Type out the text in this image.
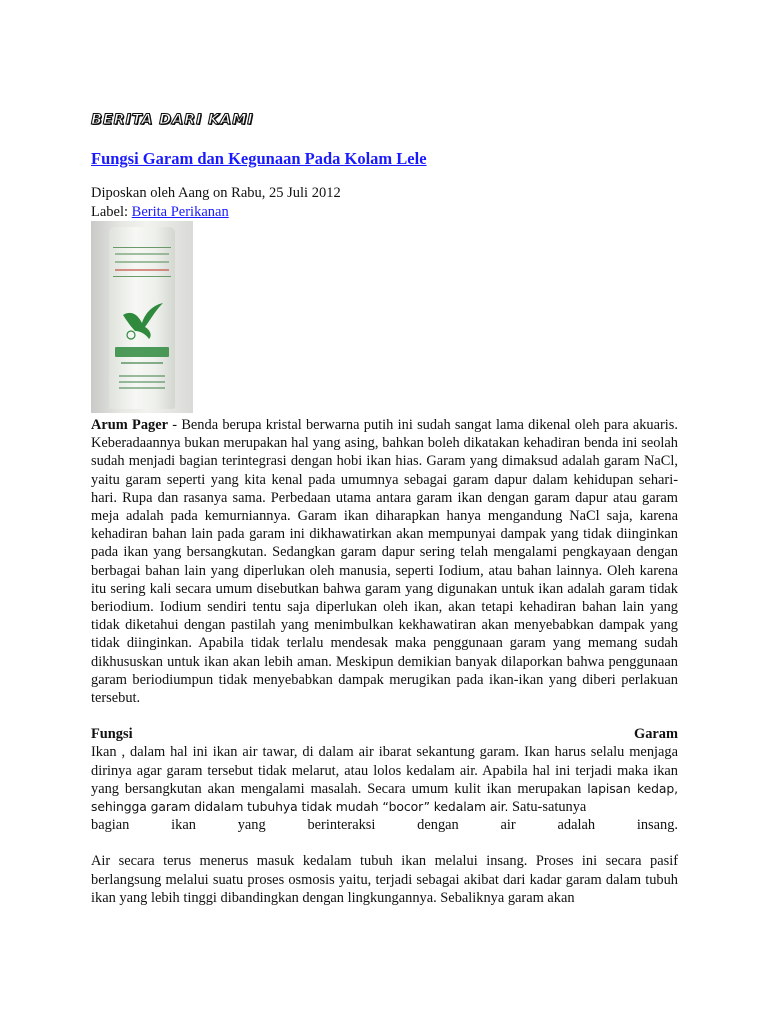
BERITA DARI KAMI
Fungsi Garam dan Kegunaan Pada Kolam Lele
Diposkan oleh Aang on Rabu, 25 Juli 2012
Label: Berita Perikanan

Arum Pager - Benda berupa kristal berwarna putih ini sudah sangat lama dikenal oleh para akuaris. Keberadaannya bukan merupakan hal yang asing, bahkan boleh dikatakan kehadiran benda ini seolah sudah menjadi bagian terintegrasi dengan hobi ikan hias. Garam yang dimaksud adalah garam NaCl, yaitu garam seperti yang kita kenal pada umumnya sebagai garam dapur dalam kehidupan sehari-hari. Rupa dan rasanya sama. Perbedaan utama antara garam ikan dengan garam dapur atau garam meja adalah pada kemurniannya. Garam ikan diharapkan hanya mengandung NaCl saja, karena kehadiran bahan lain pada garam ini dikhawatirkan akan mempunyai dampak yang tidak diinginkan pada ikan yang bersangkutan. Sedangkan garam dapur sering telah mengalami pengkayaan dengan berbagai bahan lain yang diperlukan oleh manusia, seperti Iodium, atau bahan lainnya. Oleh karena itu sering kali secara umum disebutkan bahwa garam yang digunakan untuk ikan adalah garam tidak beriodium. Iodium sendiri tentu saja diperlukan oleh ikan, akan tetapi kehadiran bahan lain yang tidak diketahui dengan pastilah yang menimbulkan kekhawatiran akan menyebabkan dampak yang tidak diinginkan. Apabila tidak terlalu mendesak maka penggunaan garam yang memang sudah dikhususkan untuk ikan akan lebih aman. Meskipun demikian banyak dilaporkan bahwa penggunaan garam beriodiumpun tidak menyebabkan dampak merugikan pada ikan-ikan yang diberi perlakuan tersebut.

Fungsi	Garam

Ikan , dalam hal ini ikan air tawar, di dalam air ibarat sekantung garam. Ikan harus selalu menjaga dirinya agar garam tersebut tidak melarut, atau lolos kedalam air. Apabila hal ini terjadi maka ikan yang bersangkutan akan mengalami masalah. Secara umum kulit ikan merupakan lapisan kedap, sehingga garam didalam tubuhya tidak mudah “bocor” kedalam air. Satu-satunya

bagian ikan yang berinteraksi dengan air adalah insang.

Air secara terus menerus masuk kedalam tubuh ikan melalui insang. Proses ini secara pasif berlangsung melalui suatu proses osmosis yaitu, terjadi sebagai akibat dari kadar garam dalam tubuh ikan yang lebih tinggi dibandingkan dengan lingkungannya. Sebaliknya garam akan
